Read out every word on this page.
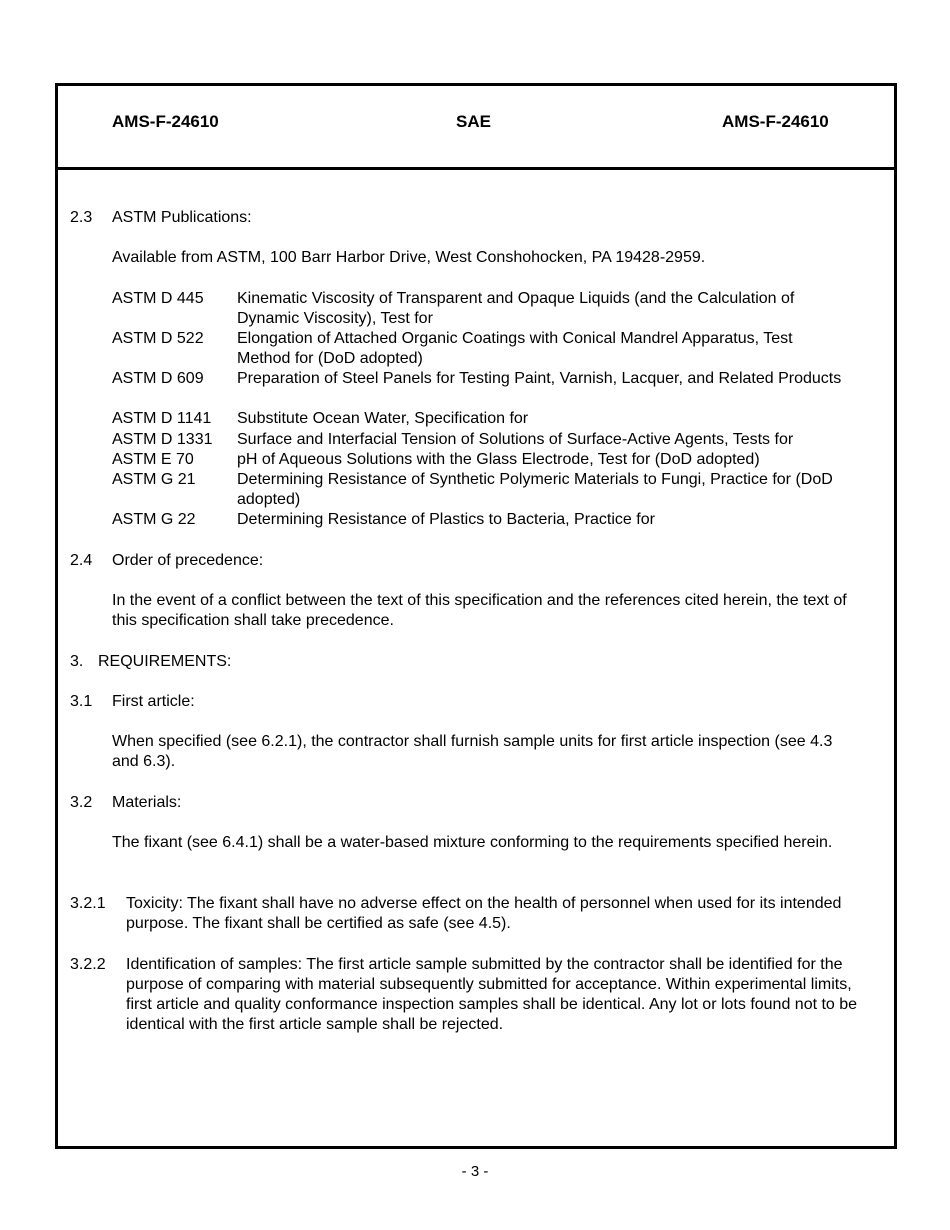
AMS-F-24610	SAE	AMS-F-24610
2.3 ASTM Publications:
Available from ASTM, 100 Barr Harbor Drive, West Conshohocken, PA 19428-2959.
ASTM D 445 Kinematic Viscosity of Transparent and Opaque Liquids (and the Calculation of Dynamic Viscosity), Test for
ASTM D 522 Elongation of Attached Organic Coatings with Conical Mandrel Apparatus, Test Method for (DoD adopted)
ASTM D 609 Preparation of Steel Panels for Testing Paint, Varnish, Lacquer, and Related Products
ASTM D 1141 Substitute Ocean Water, Specification for
ASTM D 1331 Surface and Interfacial Tension of Solutions of Surface-Active Agents, Tests for
ASTM E 70	pH of Aqueous Solutions with the Glass Electrode, Test for (DoD adopted)
ASTM G 21	Determining Resistance of Synthetic Polymeric Materials to Fungi, Practice for (DoD adopted)
ASTM G 22	Determining Resistance of Plastics to Bacteria, Practice for
2.4 Order of precedence:
In the event of a conflict between the text of this specification and the references cited herein, the text of this specification shall take precedence.
3. REQUIREMENTS:
3.1 First article:
When specified (see 6.2.1), the contractor shall furnish sample units for first article inspection (see 4.3 and 6.3).
3.2 Materials:
The fixant (see 6.4.1) shall be a water-based mixture conforming to the requirements specified herein.
3.2.1 Toxicity: The fixant shall have no adverse effect on the health of personnel when used for its intended purpose. The fixant shall be certified as safe (see 4.5).
3.2.2 Identification of samples: The first article sample submitted by the contractor shall be identified for the purpose of comparing with material subsequently submitted for acceptance. Within experimental limits, first article and quality conformance inspection samples shall be identical. Any lot or lots found not to be identical with the first article sample shall be rejected.
- 3 -
